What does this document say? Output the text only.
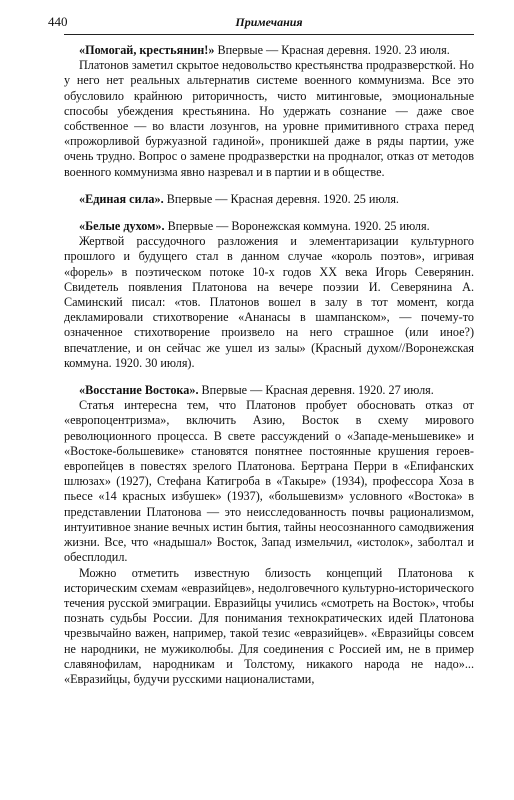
440	Примечания

«Помогай, крестьянин!» Впервые — Красная деревня. 1920. 23 июля.

Платонов заметил скрытое недовольство крестьянства продразверсткой. Но у него нет реальных альтернатив системе военного коммунизма. Все это обусловило крайнюю риторичность, чисто митинговые, эмоциональные способы убеждения крестьянина. Но удержать сознание — даже свое собственное — во власти лозунгов, на уровне примитивного страха перед «прожорливой буржуазной гадиной», проникшей даже в ряды партии, уже очень трудно. Вопрос о замене продразверстки на продналог, отказ от методов военного коммунизма явно назревал и в партии и в обществе.

«Единая сила». Впервые — Красная деревня. 1920. 25 июля.

«Белые духом». Впервые — Воронежская коммуна. 1920. 25 июля.

Жертвой рассудочного разложения и элементаризации культурного прошлого и будущего стал в данном случае «король поэтов», игривая «форель» в поэтическом потоке 10-х годов XX века Игорь Северянин. Свидетель появления Платонова на вечере поэзии И. Северянина А. Саминский писал: «тов. Платонов вошел в залу в тот момент, когда декламировали стихотворение «Ананасы в шампанском», — почему-то означенное стихотворение произвело на него страшное (или иное?) впечатление, и он сейчас же ушел из залы» (Красный духом//Воронежская коммуна. 1920. 30 июля).

«Восстание Востока». Впервые — Красная деревня. 1920. 27 июля.

Статья интересна тем, что Платонов пробует обосновать отказ от «европоцентризма», включить Азию, Восток в схему мирового революционного процесса. В свете рассуждений о «Западе-меньшевике» и «Востоке-большевике» становятся понятнее постоянные крушения героев-европейцев в повестях зрелого Платонова. Бертрана Перри в «Епифанских шлюзах» (1927), Стефана Катигроба в «Такыре» (1934), профессора Хоза в пьесе «14 красных избушек» (1937), «большевизм» условного «Востока» в представлении Платонова — это неисследованность почвы рационализмом, интуитивное знание вечных истин бытия, тайны неосознанного самодвижения жизни. Все, что «надышал» Восток, Запад измельчил, «истолок», заболтал и обесплодил.

Можно отметить известную близость концепций Платонова к историческим схемам «евразийцев», недолговечного культурно-исторического течения русской эмиграции. Евразийцы учились «смотреть на Восток», чтобы познать судьбы России. Для понимания технократических идей Платонова чрезвычайно важен, например, такой тезис «евразийцев». «Евразийцы совсем не народники, не мужиколюбы. Для соединения с Россией им, не в пример славянофилам, народникам и Толстому, никакого народа не надо»... «Евразийцы, будучи русскими националистами,
